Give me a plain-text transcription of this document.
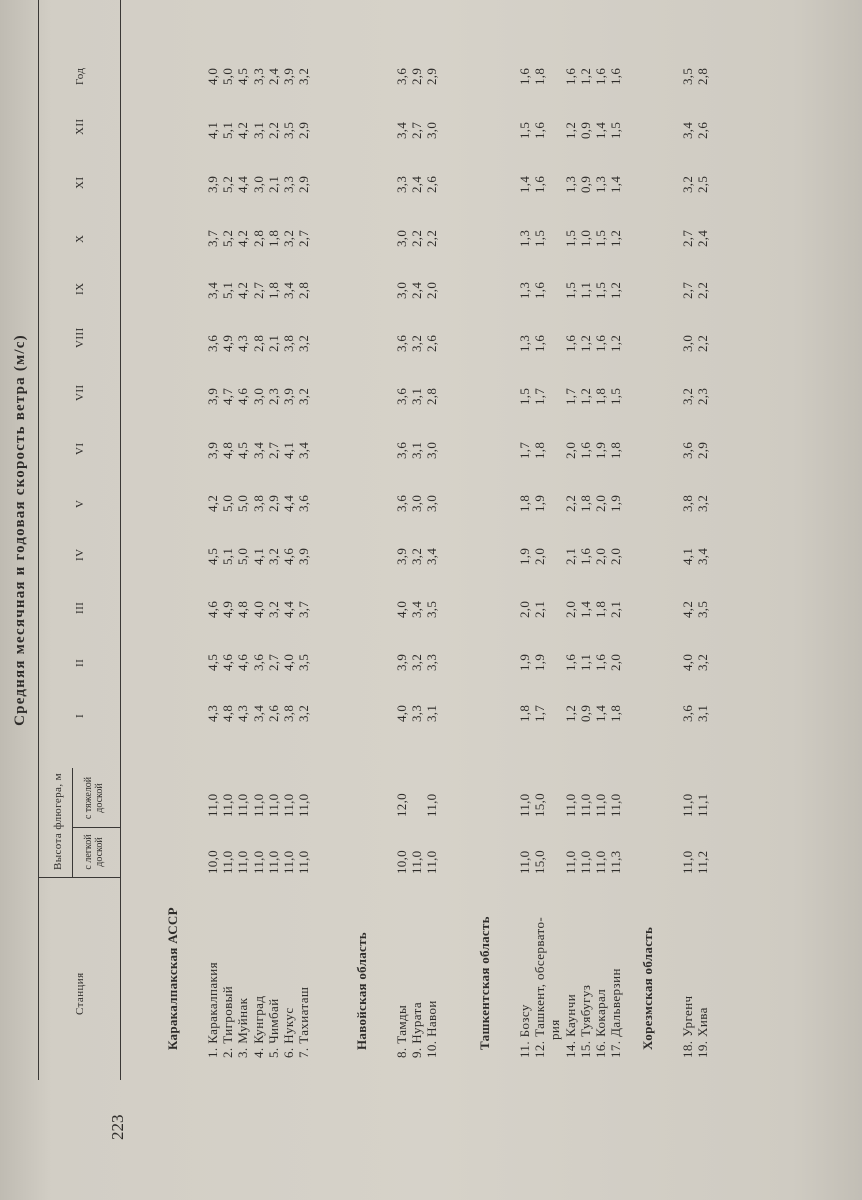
223
Средняя месячная и годовая скорость ветра (м/с)
Станция
Высота флюгера, м с легкой доской
с тяжелой доской
I
II
III
IV
V
VI
VII
VIII
IX
X
XI
XII
Год
Каракалпакская АССР 1. Каракалпакия
10,0
11,0
4,3
4,5
4,6
4,5
4,2
3,9
3,9
3,6
3,4
3,7
3,9
4,1
4,0
2. Тигровый
11,0
11,0
4,8
4,6
4,9
5,1
5,0
4,8
4,7
4,9
5,1
5,2
5,2
5,1
5,0
3. Муйнак
11,0
11,0
4,3
4,6
4,8
5,0
5,0
4,5
4,6
4,3
4,2
4,2
4,4
4,2
4,5
4. Кунград
11,0
11,0
3,4
3,6
4,0
4,1
3,8
3,4
3,0
2,8
2,7
2,8
3,0
3,1
3,3
5. Чимбай
11,0
11,0
2,6
2,7
3,2
3,2
2,9
2,7
2,3
2,1
1,8
1,8
2,1
2,2
2,4
6. Нукус
11,0
11,0
3,8
4,0
4,4
4,6
4,4
4,1
3,9
3,8
3,4
3,2
3,3
3,5
3,9
7. Тахиаташ
11,0
11,0
3,2
3,5
3,7
3,9
3,6
3,4
3,2
3,2
2,8
2,7
2,9
2,9
3,2
Навойская область 8. Тамды
10,0
12,0
4,0
3,9
4,0
3,9
3,6
3,6
3,6
3,6
3,0
3,0
3,3
3,4
3,6
9. Нурата
11,0
3,3
3,2
3,4
3,2
3,0
3,1
3,1
3,2
2,4
2,2
2,4
2,7
2,9
10. Навои
11,0
11,0
3,1
3,3
3,5
3,4
3,0
3,0
2,8
2,6
2,0
2,2
2,6
3,0
2,9
Ташкентская область 11. Бозсу
11,0
11,0
1,8
1,9
2,0
1,9
1,8
1,7
1,5
1,3
1,3
1,3
1,4
1,5
1,6
12. Ташкент, обсервато-
15,0
15,0
1,7
1,9
2,1
2,0
1,9
1,8
1,7
1,6
1,6
1,5
1,6
1,6
1,8
рия 14. Каунчи
11,0
11,0
1,2
1,6
2,0
2,1
2,2
2,0
1,7
1,6
1,5
1,5
1,3
1,2
1,6
15. Туябугуз
11,0
11,0
0,9
1,1
1,4
1,6
1,8
1,6
1,2
1,2
1,1
1,0
0,9
0,9
1,2
16. Кокарал
11,0
11,0
1,4
1,6
1,8
2,0
2,0
1,9
1,8
1,6
1,5
1,5
1,3
1,4
1,6
17. Дальверзин
11,3
11,0
1,8
2,0
2,1
2,0
1,9
1,8
1,5
1,2
1,2
1,2
1,4
1,5
1,6
Хорезмская область 18. Ургенч
11,0
11,0
3,6
4,0
4,2
4,1
3,8
3,6
3,2
3,0
2,7
2,7
3,2
3,4
3,5
19. Хива
11,2
11,1
3,1
3,2
3,5
3,4
3,2
2,9
2,3
2,2
2,2
2,4
2,5
2,6
2,8
